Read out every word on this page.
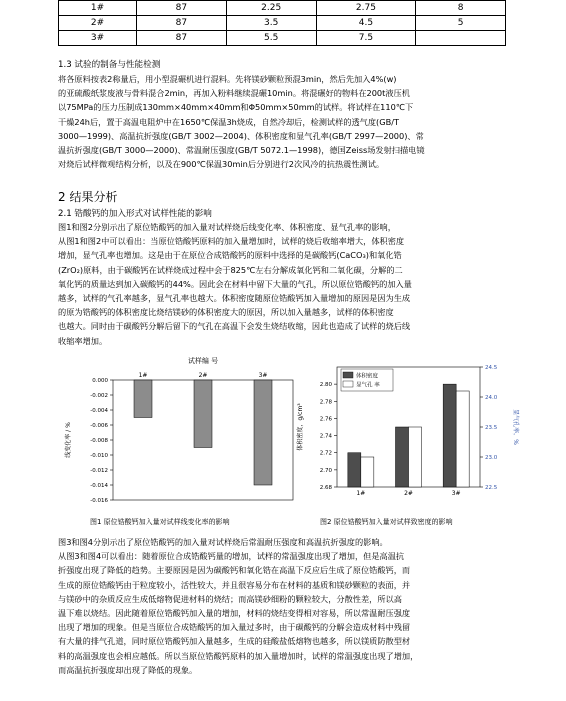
1#	87	2.25	2.75	8
2#	87	3.5	4.5	5
3#	87	5.5	7.5	
1.3 试验的制备与性能检测
将各原料按表2称量后，用小型混碾机进行混料。先将镁砂颗粒预混3min，然后先加入4%(w)
的亚硫酸纸浆废液与骨料混合2min，再加入粉料继续混碾10min。将混碾好的物料在200t液压机
以75MPa的压力压制成130mm×40mm×40mm和Φ50mm×50mm的试样。将试样在110℃下
干燥24h后，置于高温电阻炉中在1650℃保温3h烧成，自然冷却后，检测试样的透气度(GB/T
3000—1999)、高温抗折强度(GB/T 3002—2004)、体积密度和显气孔率(GB/T 2997—2000)、常
温抗折强度(GB/T 3000—2000)、常温耐压强度(GB/T 5072.1—1998)，德国Zeiss场发射扫描电镜
对烧后试样微观结构分析，以及在900℃保温30min后分别进行2次风冷的抗热震性测试。
2 结果分析
2.1 锆酸钙的加入形式对试样性能的影响
图1和图2分别示出了原位锆酸钙的加入量对试样烧后线变化率、体积密度、显气孔率的影响，
从图1和图2中可以看出：当原位锆酸钙原料的加入量增加时，试样的烧后收缩率增大，体积密度
增加，显气孔率也增加。这是由于在原位合成锆酸钙的原料中选择的是碳酸钙(CaCO₃)和氧化锆
(ZrO₂)原料，由于碳酸钙在试样烧成过程中会于825℃左右分解成氧化钙和二氧化碳，分解的二
氧化钙的质量达到加入碳酸钙的44%。因此会在材料中留下大量的气孔，所以原位锆酸钙的加入量
越多，试样的气孔率越多，显气孔率也越大。体积密度随原位锆酸钙加入量增加的原因是因为生成
的原为锆酸钙的体积密度比烧结镁砂的体积密度大的原因，所以加入量越多，试样的体积密度
也越大。同时由于碳酸钙分解后留下的气孔在高温下会发生烧结收缩，因此也造成了试样的烧后线
收缩率增加。
试样编 号
0.000
-0.002
-0.004
-0.006
-0.008
-0.010
-0.012
-0.014
-0.016
线变化率 / %
1#	2#	3#
图1 原位锆酸钙加入量对试样线变化率的影响
2.68
2.70
2.72
2.74
2.76
2.78
2.80
22.5
23.0
23.5
24.0
24.5
体积密度，g/cm³	显气孔率，%
1#	2#	3#
体积密度
显气孔 率
图2 原位锆酸钙加入量对试样致密度的影响
图3和图4分别示出了原位锆酸钙的加入量对试样烧后常温耐压强度和高温抗折强度的影响。
从图3和图4可以看出：随着原位合成锆酸钙量的增加，试样的常温强度出现了增加，但是高温抗
折强度出现了降低的趋势。主要原因是因为碳酸钙和氧化锆在高温下反应后生成了原位锆酸钙，而
生成的原位锆酸钙由于粒度较小，活性较大，并且很容易分布在材料的基质和镁砂颗粒的表面，并
与镁砂中的杂质反应生成低熔物促进材料的烧结；而高镁砂细粉的颗粒较大，分散性差，所以高
温下难以烧结。因此随着原位锆酸钙加入量的增加，材料的烧结变得相对容易，所以常温耐压强度
出现了增加的现象。但是当原位合成锆酸钙的加入量过多时，由于碳酸钙的分解会造成材料中残留
有大量的排气孔道，同时原位锆酸钙加入量越多，生成的硅酸盐低熔物也越多，所以镁质防散型材
料的高温强度也会相应越低。所以当原位锆酸钙原料的加入量增加时，试样的常温强度出现了增加，
而高温抗折强度却出现了降低的现象。
